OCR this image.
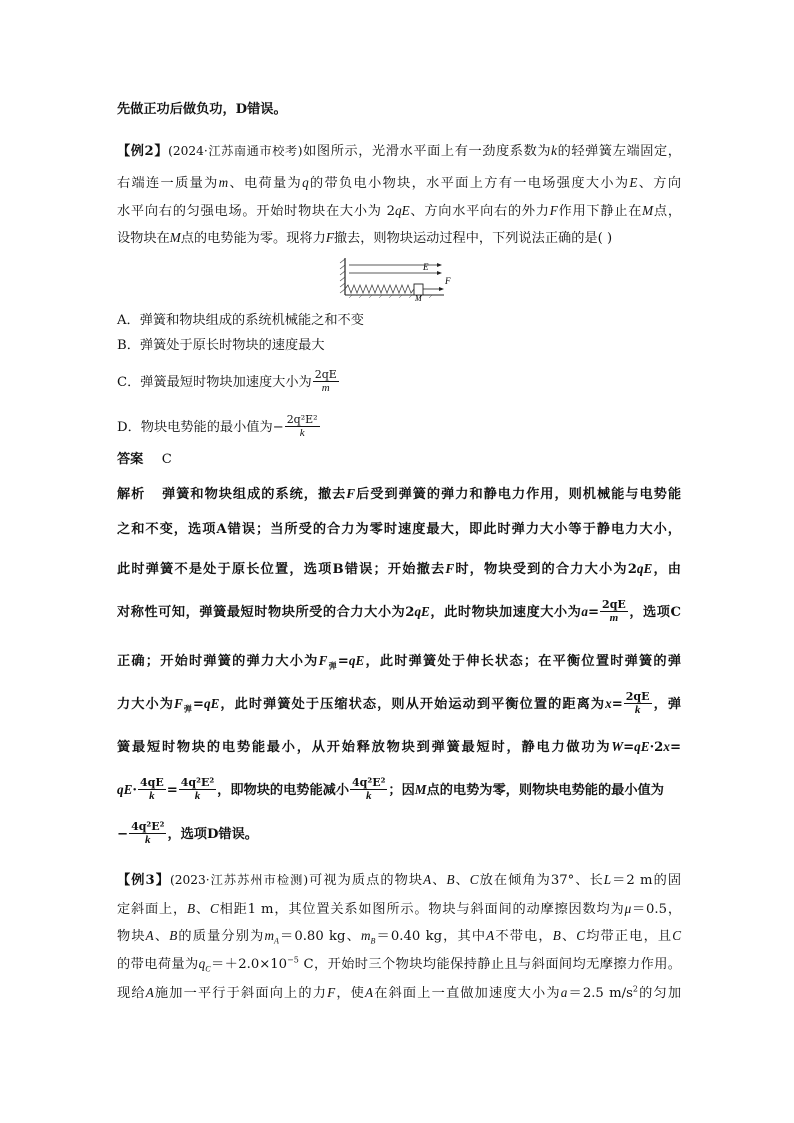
先做正功后做负功，D错误。
【例2】(2024·江苏南通市校考)如图所示，光滑水平面上有一劲度系数为k的轻弹簧左端固定，
右端连一质量为m、电荷量为q的带负电小物块，水平面上方有一电场强度大小为E、方向
水平向右的匀强电场。开始时物块在大小为 2qE、方向水平向右的外力F作用下静止在M点，
设物块在M点的电势能为零。现将力F撤去，则物块运动过程中，下列说法正确的是( )
E
F
M
A．弹簧和物块组成的系统机械能之和不变
B．弹簧处于原长时物块的速度最大
C．弹簧最短时物块加速度大小为 $\frac{2qE}{m}$
D．物块电势能的最小值为− $\frac{\text{2q²E²}}{k}$
答案 C
解析 弹簧和物块组成的系统，撤去F后受到弹簧的弹力和静电力作用，则机械能与电势能
之和不变，选项A错误；当所受的合力为零时速度最大，即此时弹力大小等于静电力大小，
此时弹簧不是处于原长位置，选项B错误；开始撤去F时，物块受到的合力大小为2qE，由
对称性可知，弹簧最短时物块所受的合力大小为2qE，此时物块加速度大小为$a= \frac{2qE}{m}$ ，选项C
正确；开始时弹簧的弹力大小为$F_弹=qE$，此时弹簧处于伸长状态；在平衡位置时弹簧的弹
力大小为$F_弹=qE$，此时弹簧处于压缩状态，则从开始运动到平衡位置的距离为$x= \frac{2qE}{k}$ ，弹
簧最短时物块的电势能最小，从开始释放物块到弹簧最短时，静电力做功为W=qE·2x=
$qE\cdot \frac{4qE}{k} = \frac{\text{4q²E²}}{k}$ ，即物块的电势能减小 $\frac{\text{4q²E²}}{k}$ ；因M点的电势为零，则物块电势能的最小值为
− $\frac{\text{4q²E²}}{k}$ ，选项D错误。
【例3】(2023·江苏苏州市检测)可视为质点的物块A、B、C放在倾角为37°、长L＝2 m的固
定斜面上，B、C相距1 m，其位置关系如图所示。物块与斜面间的动摩擦因数均为μ＝0.5，
物块A、B的质量分别为$m_A=0.80$ kg、$m_B=0.40$ kg，其中A不带电，B、C均带正电，且C
的带电荷量为$q_C=+2.0\times 10^{-5}$ C，开始时三个物块均能保持静止且与斜面间均无摩擦力作用。
现给A施加一平行于斜面向上的力F，使A在斜面上一直做加速度大小为a＝2.5 $m/s^2$的匀加
